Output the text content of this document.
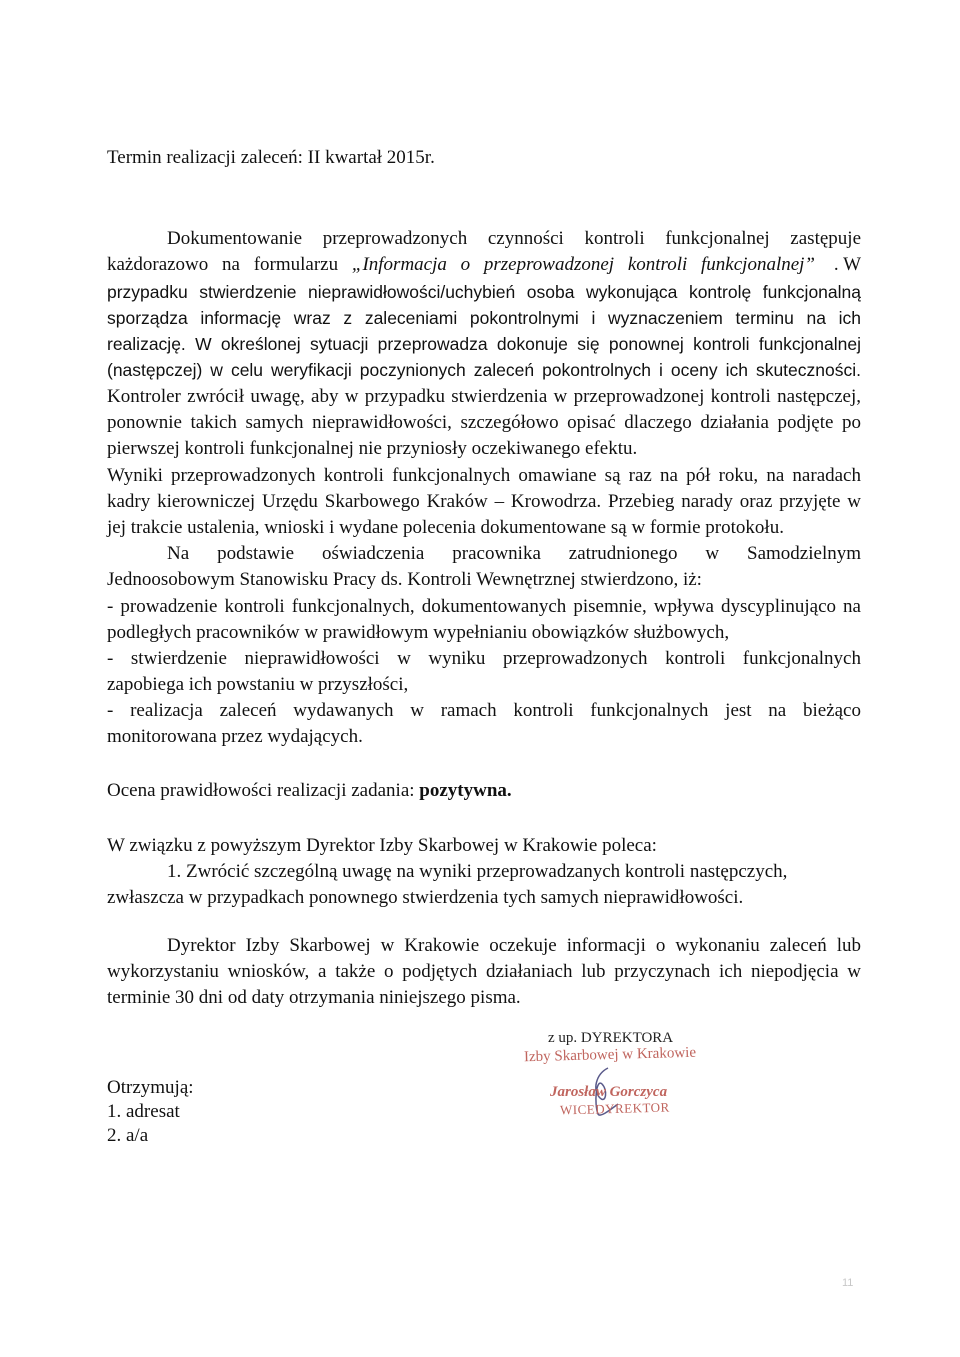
Termin realizacji zaleceń: II kwartał 2015r.
Dokumentowanie przeprowadzonych czynności kontroli funkcjonalnej zastępuje
każdorazowo na formularzu „Informacja o przeprowadzonej kontroli funkcjonalnej” . W
przypadku stwierdzenie nieprawidłowości/uchybień osoba wykonująca kontrolę funkcjonalną
sporządza informację wraz z zaleceniami pokontrolnymi i wyznaczeniem terminu na ich
realizację. W określonej sytuacji przeprowadza dokonuje się ponownej kontroli funkcjonalnej
(następczej) w celu weryfikacji poczynionych zaleceń pokontrolnych i oceny ich skuteczności.
Kontroler zwrócił uwagę, aby w przypadku stwierdzenia w przeprowadzonej kontroli następczej,
ponownie takich samych nieprawidłowości, szczegółowo opisać dlaczego działania podjęte po
pierwszej kontroli funkcjonalnej nie przyniosły oczekiwanego efektu.
Wyniki przeprowadzonych kontroli funkcjonalnych omawiane są raz na pół roku, na naradach
kadry kierowniczej Urzędu Skarbowego Kraków – Krowodrza. Przebieg narady oraz przyjęte w
jej trakcie ustalenia, wnioski i wydane polecenia dokumentowane są w formie protokołu.
Na podstawie oświadczenia pracownika zatrudnionego w Samodzielnym
Jednoosobowym Stanowisku Pracy ds. Kontroli Wewnętrznej stwierdzono, iż:
- prowadzenie kontroli funkcjonalnych, dokumentowanych pisemnie, wpływa dyscyplinująco na
podległych pracowników w prawidłowym wypełnianiu obowiązków służbowych,
- stwierdzenie nieprawidłowości w wyniku przeprowadzonych kontroli funkcjonalnych
zapobiega ich powstaniu w przyszłości,
- realizacja zaleceń wydawanych w ramach kontroli funkcjonalnych jest na bieżąco
monitorowana przez wydających.
Ocena prawidłowości realizacji zadania: pozytywna.
W związku z powyższym Dyrektor Izby Skarbowej w Krakowie poleca:
1. Zwrócić szczególną uwagę na wyniki przeprowadzanych kontroli następczych,
zwłaszcza w przypadkach ponownego stwierdzenia tych samych nieprawidłowości.
Dyrektor Izby Skarbowej w Krakowie oczekuje informacji o wykonaniu zaleceń lub
wykorzystaniu wniosków, a także o podjętych działaniach lub przyczynach ich niepodjęcia w
terminie 30 dni od daty otrzymania niniejszego pisma.
z up. DYREKTORA
Izby Skarbowej w Krakowie
Jarosław Gorczyca
WICEDYREKTOR
Otrzymują:
1. adresat
2. a/a
11
